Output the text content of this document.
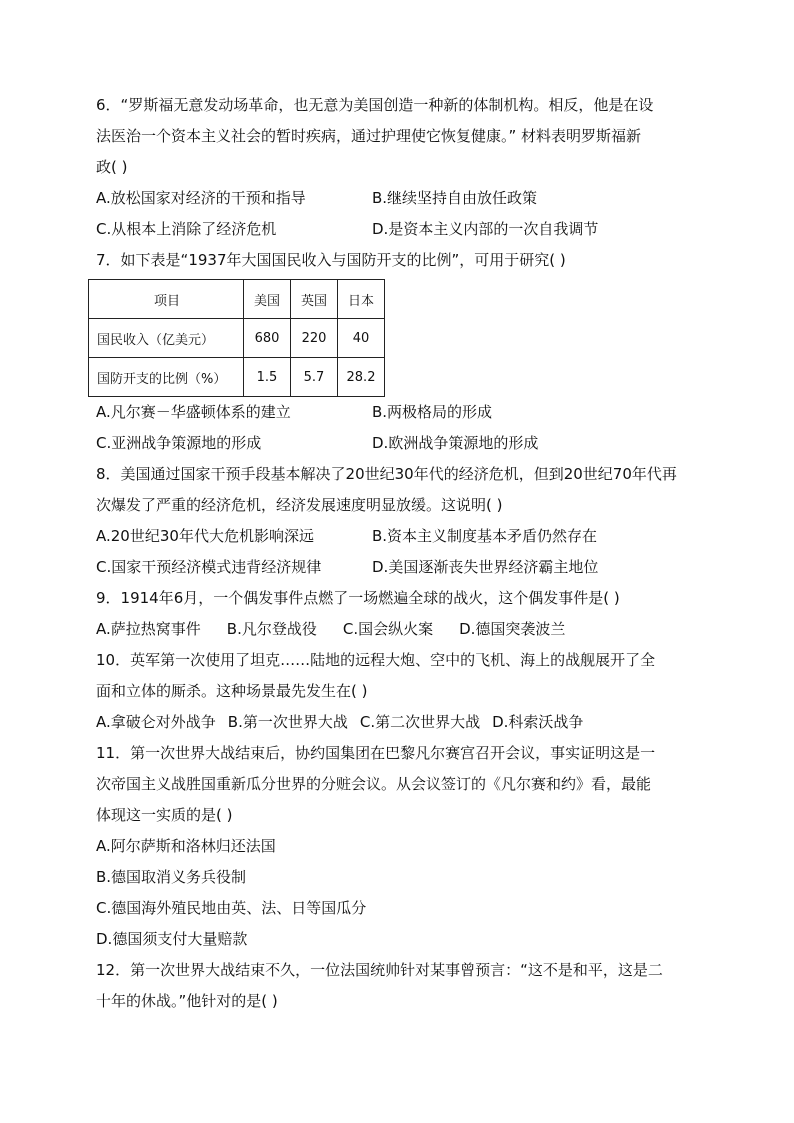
6．“罗斯福无意发动场革命，也无意为美国创造一种新的体制机构。相反，他是在设
法医治一个资本主义社会的暂时疾病，通过护理使它恢复健康。” 材料表明罗斯福新
政( )
A.放松国家对经济的干预和指导	B.继续坚持自由放任政策
C.从根本上消除了经济危机	D.是资本主义内部的一次自我调节
7．如下表是“1937年大国国民收入与国防开支的比例”，可用于研究( )
项目	美国	英国	日本
国民收入（亿美元）	680	220	40
国防开支的比例（%）	1.5	5.7	28.2
A.凡尔赛－华盛顿体系的建立	B.两极格局的形成
C.亚洲战争策源地的形成	D.欧洲战争策源地的形成
8．美国通过国家干预手段基本解决了20世纪30年代的经济危机，但到20世纪70年代再
次爆发了严重的经济危机，经济发展速度明显放缓。这说明( )
A.20世纪30年代大危机影响深远	B.资本主义制度基本矛盾仍然存在
C.国家干预经济模式违背经济规律	D.美国逐渐丧失世界经济霸主地位
9．1914年6月，一个偶发事件点燃了一场燃遍全球的战火，这个偶发事件是( )
A.萨拉热窝事件 B.凡尔登战役 C.国会纵火案 D.德国突袭波兰
10．英军第一次使用了坦克……陆地的远程大炮、空中的飞机、海上的战舰展开了全
面和立体的厮杀。这种场景最先发生在( )
A.拿破仑对外战争 B.第一次世界大战 C.第二次世界大战 D.科索沃战争
11．第一次世界大战结束后，协约国集团在巴黎凡尔赛宫召开会议，事实证明这是一
次帝国主义战胜国重新瓜分世界的分赃会议。从会议签订的《凡尔赛和约》看，最能
体现这一实质的是( )
A.阿尔萨斯和洛林归还法国
B.德国取消义务兵役制
C.德国海外殖民地由英、法、日等国瓜分
D.德国须支付大量赔款
12．第一次世界大战结束不久，一位法国统帅针对某事曾预言：“这不是和平，这是二
十年的休战。”他针对的是( )
